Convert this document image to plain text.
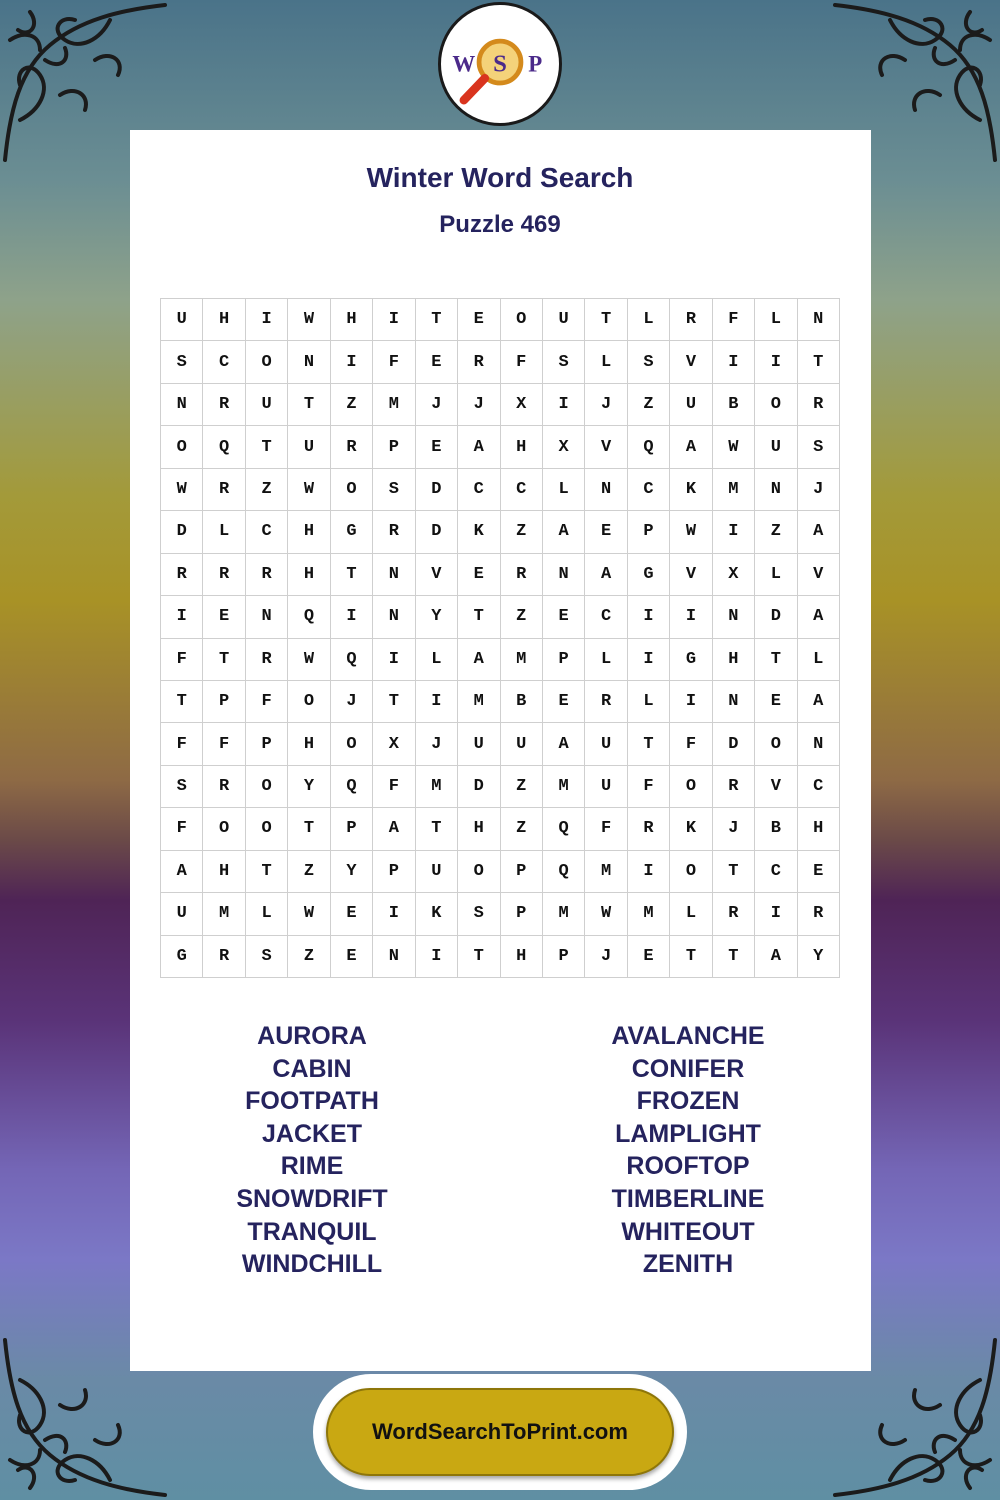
W S P
Winter Word Search
Puzzle 469
U	H	I	W	H	I	T	E	O	U	T	L	R	F	L	N
S	C	O	N	I	F	E	R	F	S	L	S	V	I	I	T
N	R	U	T	Z	M	J	J	X	I	J	Z	U	B	O	R
O	Q	T	U	R	P	E	A	H	X	V	Q	A	W	U	S
W	R	Z	W	O	S	D	C	C	L	N	C	K	M	N	J
D	L	C	H	G	R	D	K	Z	A	E	P	W	I	Z	A
R	R	R	H	T	N	V	E	R	N	A	G	V	X	L	V
I	E	N	Q	I	N	Y	T	Z	E	C	I	I	N	D	A
F	T	R	W	Q	I	L	A	M	P	L	I	G	H	T	L
T	P	F	O	J	T	I	M	B	E	R	L	I	N	E	A
F	F	P	H	O	X	J	U	U	A	U	T	F	D	O	N
S	R	O	Y	Q	F	M	D	Z	M	U	F	O	R	V	C
F	O	O	T	P	A	T	H	Z	Q	F	R	K	J	B	H
A	H	T	Z	Y	P	U	O	P	Q	M	I	O	T	C	E
U	M	L	W	E	I	K	S	P	M	W	M	L	R	I	R
G	R	S	Z	E	N	I	T	H	P	J	E	T	T	A	Y
AURORA
CABIN
FOOTPATH
JACKET
RIME
SNOWDRIFT
TRANQUIL
WINDCHILL
AVALANCHE
CONIFER
FROZEN
LAMPLIGHT
ROOFTOP
TIMBERLINE
WHITEOUT
ZENITH
WordSearchToPrint.com
